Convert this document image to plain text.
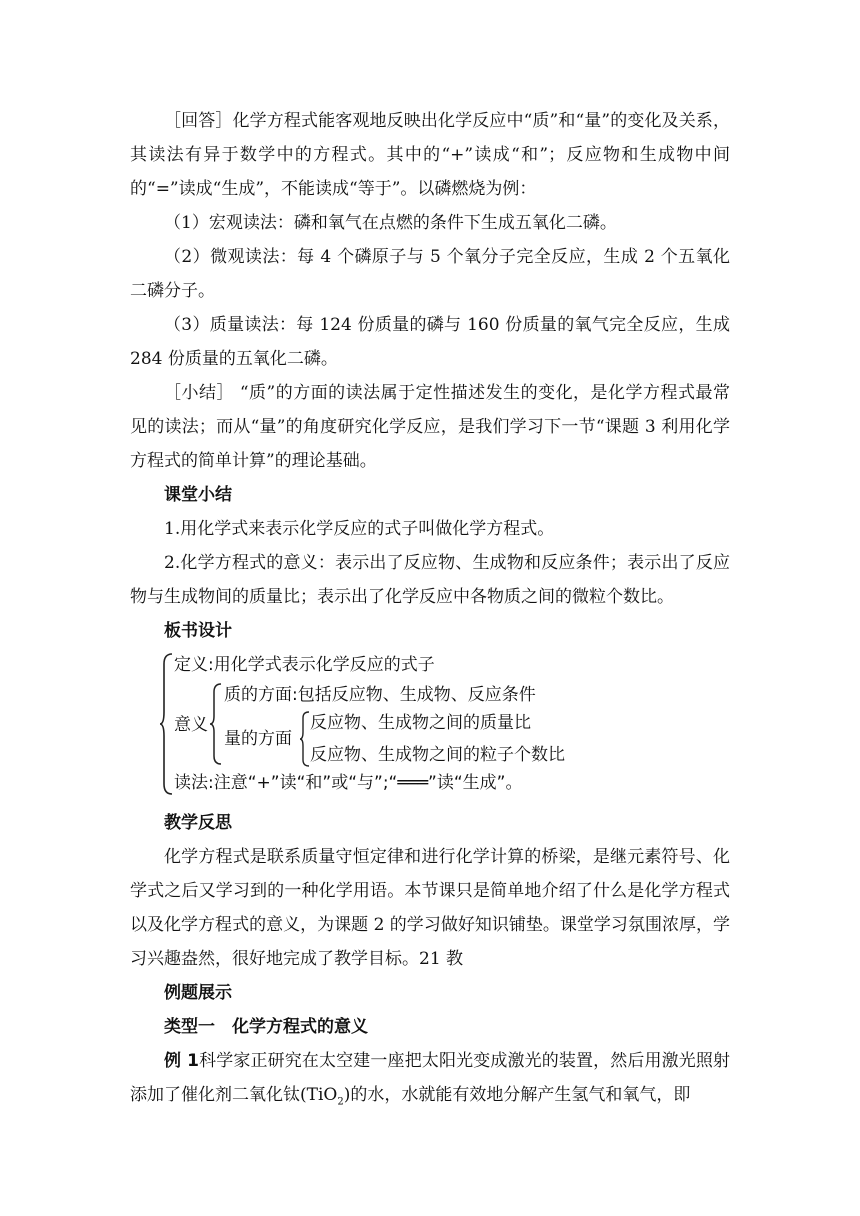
［回答］化学方程式能客观地反映出化学反应中“质”和“量”的变化及关系，其读法有异于数学中的方程式。其中的“+”读成“和”；反应物和生成物中间的“=”读成“生成”，不能读成“等于”。以磷燃烧为例：

（1）宏观读法：磷和氧气在点燃的条件下生成五氧化二磷。

（2）微观读法：每 4 个磷原子与 5 个氧分子完全反应，生成 2 个五氧化二磷分子。

（3）质量读法：每 124 份质量的磷与 160 份质量的氧气完全反应，生成 284 份质量的五氧化二磷。

［小结］ “质”的方面的读法属于定性描述发生的变化，是化学方程式最常见的读法；而从“量”的角度研究化学反应，是我们学习下一节“课题 3 利用化学方程式的简单计算”的理论基础。

课堂小结

1.用化学式来表示化学反应的式子叫做化学方程式。

2.化学方程式的意义：表示出了反应物、生成物和反应条件；表示出了反应物与生成物间的质量比；表示出了化学反应中各物质之间的微粒个数比。

板书设计

定义:用化学式表示化学反应的式子
意义
质的方面:包括反应物、生成物、反应条件
量的方面
反应物、生成物之间的质量比
反应物、生成物之间的粒子个数比
读法:注意“+”读“和”或“与”;“═══”读“生成”。

教学反思

化学方程式是联系质量守恒定律和进行化学计算的桥梁，是继元素符号、化学式之后又学习到的一种化学用语。本节课只是简单地介绍了什么是化学方程式以及化学方程式的意义，为课题 2 的学习做好知识铺垫。课堂学习氛围浓厚，学习兴趣盎然，很好地完成了教学目标。21 教

例题展示

类型一　化学方程式的意义

例 1科学家正研究在太空建一座把太阳光变成激光的装置，然后用激光照射添加了催化剂二氧化钛(TiO$_2$)的水，水就能有效地分解产生氢气和氧气，即
